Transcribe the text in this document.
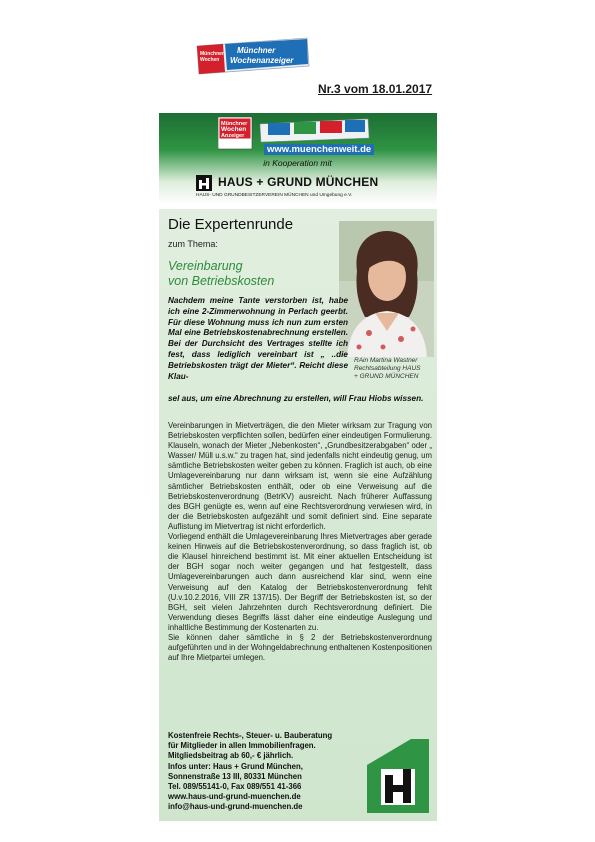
Münchner
Wochen
Münchner
Wochenanzeiger
Nr.3 vom 18.01.2017
Münchner
Wochen
Anzeiger
www.muenchenweit.de
in Kooperation mit
HAUS + GRUND MÜNCHEN
HAUS- UND GRUNDBESITZERVEREIN MÜNCHEN und Umgebung e.V.
Die Expertenrunde
zum Thema:
Vereinbarung
von Betriebskosten
RAin Martina Wastner
Rechtsabteilung HAUS
+ GRUND MÜNCHEN
Nachdem meine Tante verstorben ist, habe ich eine 2-Zimmerwohnung in Perlach geerbt. Für diese Wohnung muss ich nun zum ersten Mal eine Betriebskostenabrechnung erstellen. Bei der Durchsicht des Vertrages stellte ich fest, dass lediglich vereinbart ist „ ..die Betriebskosten trägt der Mieter“. Reicht diese Klau-
sel aus, um eine Abrechnung zu erstellen, will Frau Hiobs wissen.

Vereinbarungen in Mietverträgen, die den Mieter wirksam zur Tragung von Betriebskosten verpflichten sollen, bedürfen einer eindeutigen Formulierung. Klauseln, wonach der Mieter „Nebenkosten“, „Grundbesitzerabgaben“ oder „ Wasser/ Müll u.s.w.“ zu tragen hat, sind jedenfalls nicht eindeutig genug, um sämtliche Betriebskosten weiter geben zu können. Fraglich ist auch, ob eine Umlagevereinbarung nur dann wirksam ist, wenn sie eine Aufzählung sämtlicher Betriebskosten enthält, oder ob eine Verweisung auf die Betriebskostenverordnung (BetrKV) ausreicht. Nach früherer Auffassung des BGH genügte es, wenn auf eine Rechtsverordnung verwiesen wird, in der die Betriebskosten aufgezählt und somit definiert sind. Eine separate Auflistung im Mietvertrag ist nicht erforderlich.

Vorliegend enthält die Umlagevereinbarung Ihres Mietvertrages aber gerade keinen Hinweis auf die Betriebskostenverordnung, so dass fraglich ist, ob die Klausel hinreichend bestimmt ist. Mit einer aktuellen Entscheidung ist der BGH sogar noch weiter gegangen und hat festgestellt, dass Umlagevereinbarungen auch dann ausreichend klar sind, wenn eine Verweisung auf den Katalog der Betriebskostenverordnung fehlt (U.v.10.2.2016, VIII ZR 137/15). Der Begriff der Betriebskosten ist, so der BGH, seit vielen Jahrzehnten durch Rechtsverordnung definiert. Die Verwendung dieses Begriffs lässt daher eine eindeutige Auslegung und inhaltliche Bestimmung der Kostenarten zu.

Sie können daher sämtliche in § 2 der Betriebskostenverordnung aufgeführten und in der Wohngeldabrechnung enthaltenen Kostenpositionen auf Ihre Mietpartei umlegen.

Kostenfreie Rechts-, Steuer- u. Bauberatung
für Mitglieder in allen Immobilienfragen.
Mitgliedsbeitrag ab 60,- € jährlich.
Infos unter: Haus + Grund München,
Sonnenstraße 13 III, 80331 München
Tel. 089/55141-0, Fax 089/551 41-366
www.haus-und-grund-muenchen.de
info@haus-und-grund-muenchen.de
